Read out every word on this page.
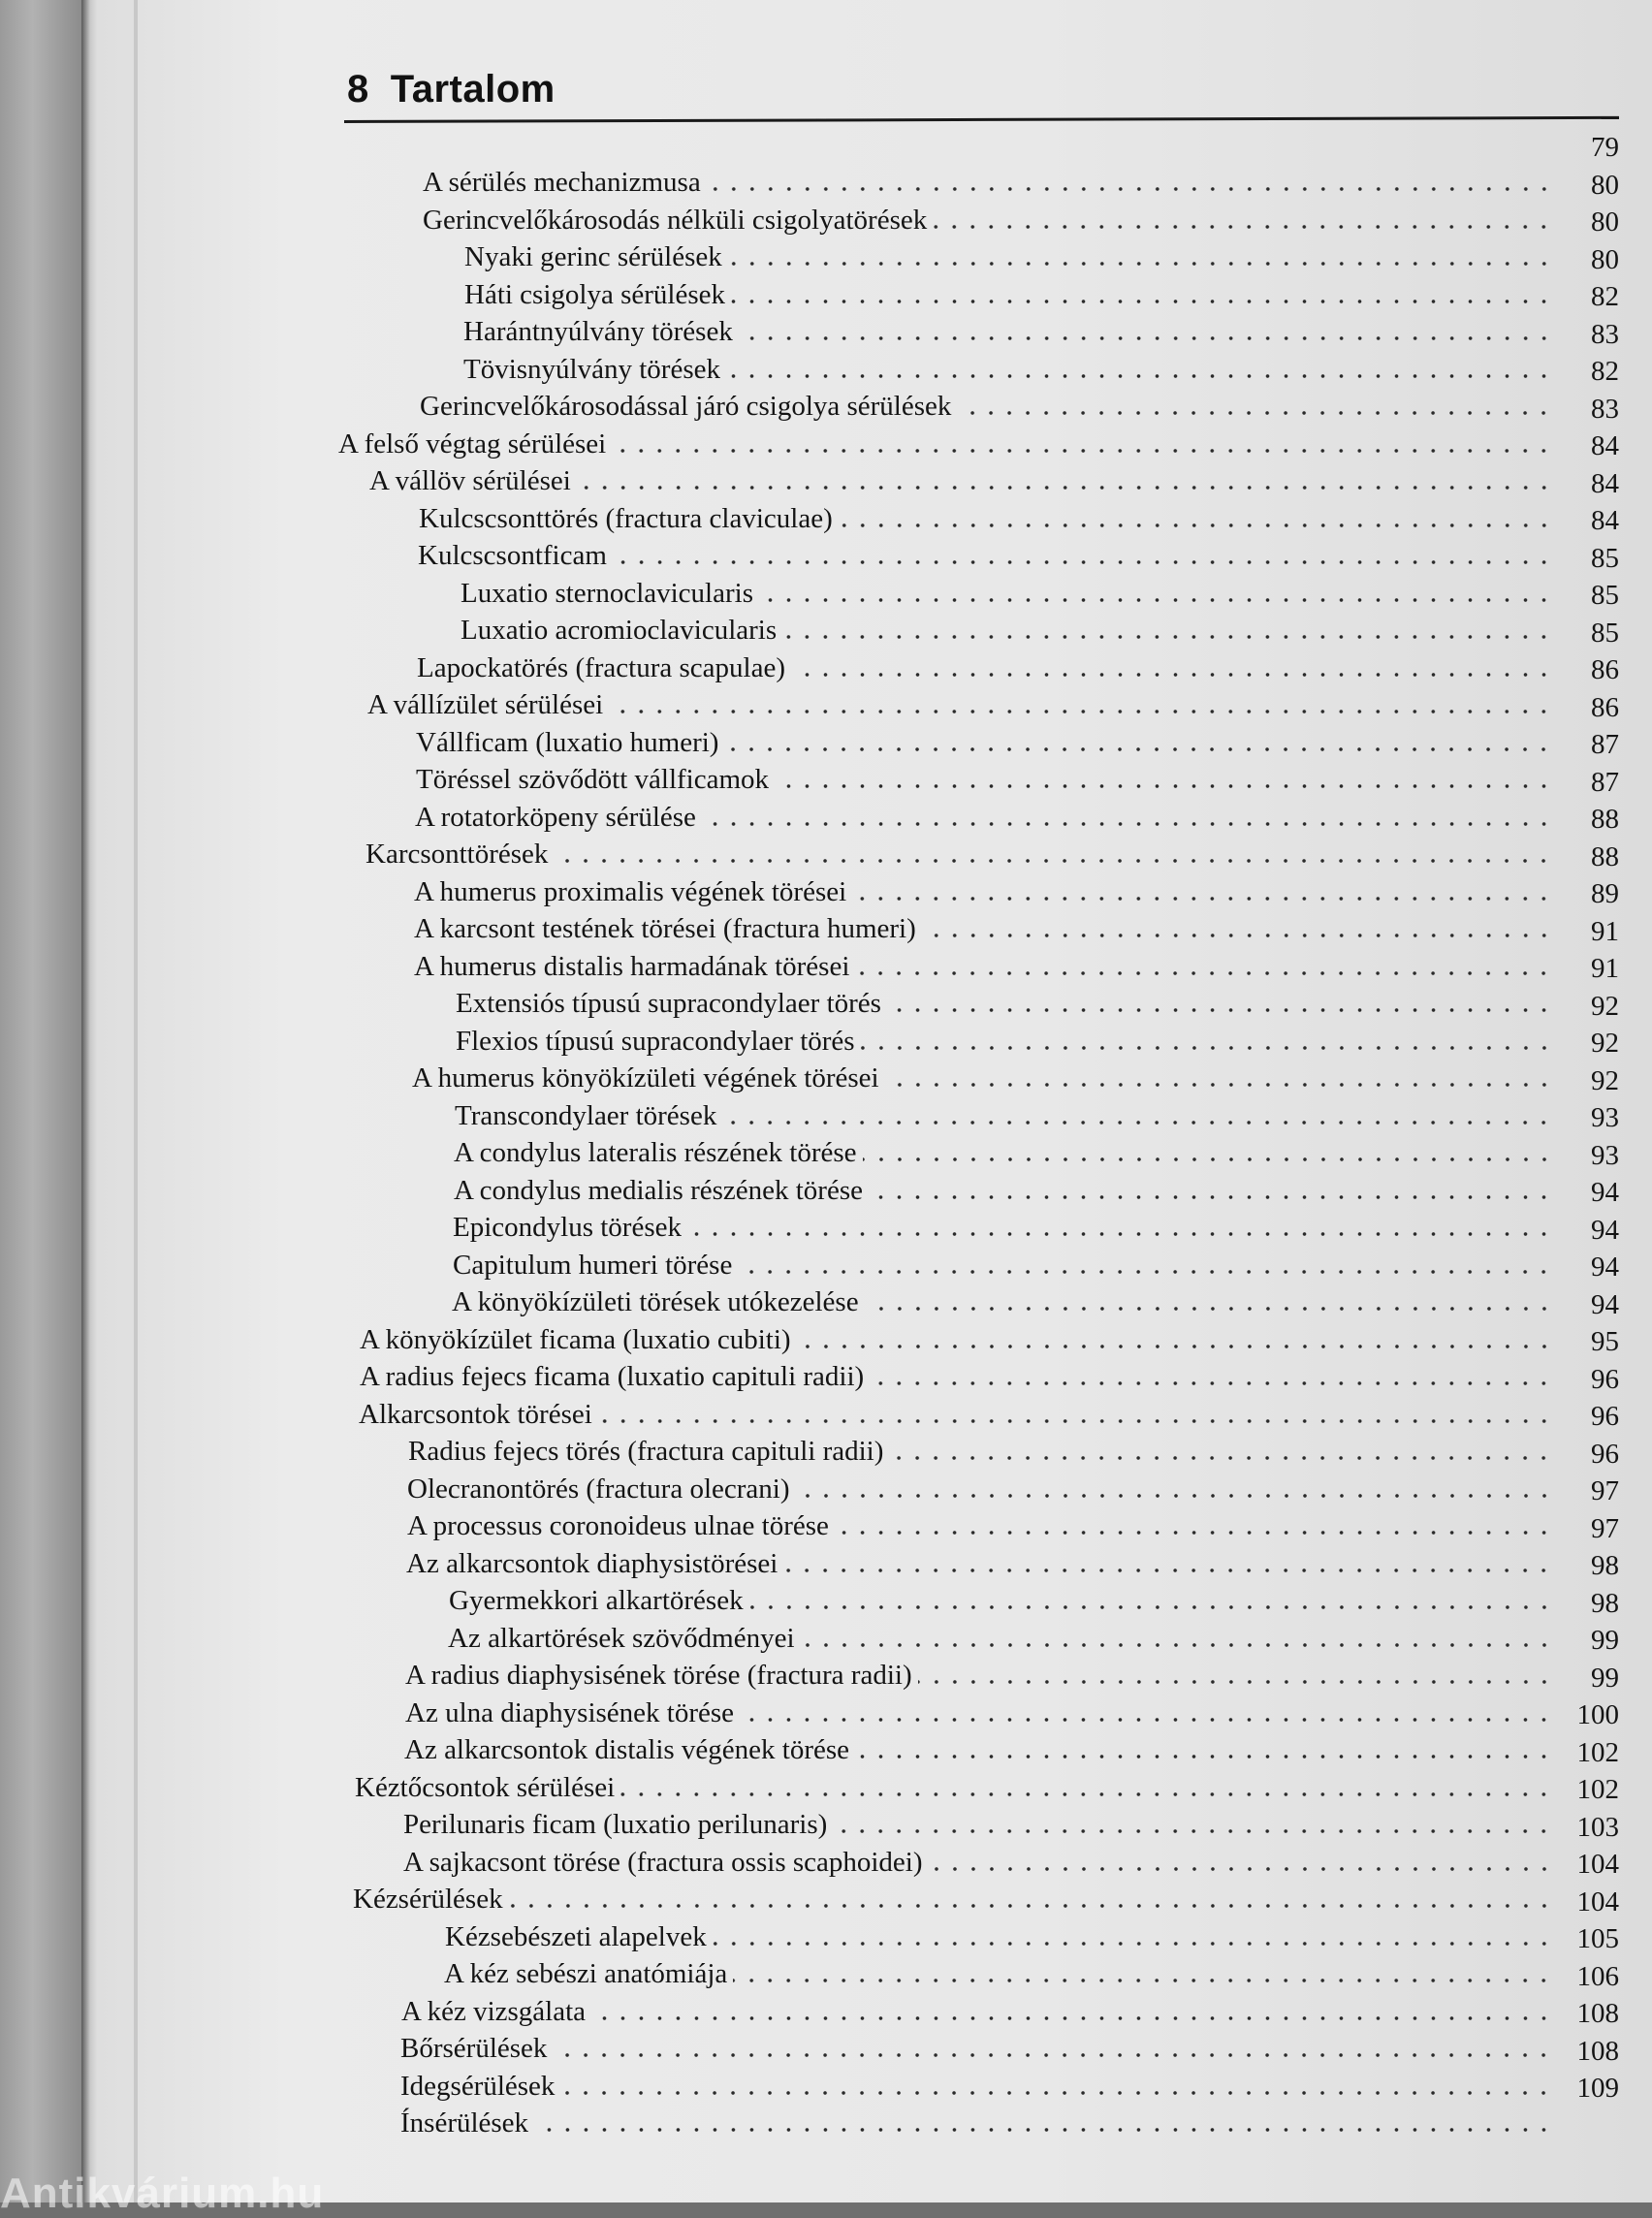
8 Tartalom
A sérülés mechanizmusa
Gerincvelőkárosodás nélküli csigolyatörések
Nyaki gerinc sérülések
Háti csigolya sérülések
Harántnyúlvány törések
Tövisnyúlvány törések
Gerincvelőkárosodással járó csigolya sérülések
A felső végtag sérülései
A vállöv sérülései
Kulcscsonttörés (fractura claviculae)
Kulcscsontficam
Luxatio sternoclavicularis
Luxatio acromioclavicularis
Lapockatörés (fractura scapulae)
A vállízület sérülései
Vállficam (luxatio humeri)
Töréssel szövődött vállficamok
A rotatorköpeny sérülése
Karcsonttörések
A humerus proximalis végének törései
A karcsont testének törései (fractura humeri)
A humerus distalis harmadának törései
Extensiós típusú supracondylaer törés
Flexios típusú supracondylaer törés
A humerus könyökízületi végének törései
Transcondylaer törések
A condylus lateralis részének törése
A condylus medialis részének törése
Epicondylus törések
Capitulum humeri törése
A könyökízületi törések utókezelése
A könyökízület ficama (luxatio cubiti)
A radius fejecs ficama (luxatio capituli radii)
Alkarcsontok törései
Radius fejecs törés (fractura capituli radii)
Olecranontörés (fractura olecrani)
A processus coronoideus ulnae törése
Az alkarcsontok diaphysistörései
Gyermekkori alkartörések
Az alkartörések szövődményei
A radius diaphysisének törése (fractura radii)
Az ulna diaphysisének törése
Az alkarcsontok distalis végének törése
Kéztőcsontok sérülései
Perilunaris ficam (luxatio perilunaris)
A sajkacsont törése (fractura ossis scaphoidei)
Kézsérülések
Kézsebészeti alapelvek
A kéz sebészi anatómiája
A kéz vizsgálata
Bőrsérülések
Idegsérülések
Ínsérülések
79
80
80
80
82
83
82
83
84
84
84
85
85
85
86
86
87
87
88
88
89
91
91
92
92
92
93
93
94
94
94
94
95
96
96
96
97
97
98
98
99
99
100
102
102
103
104
104
105
106
108
108
109
Antikvárium.hu
